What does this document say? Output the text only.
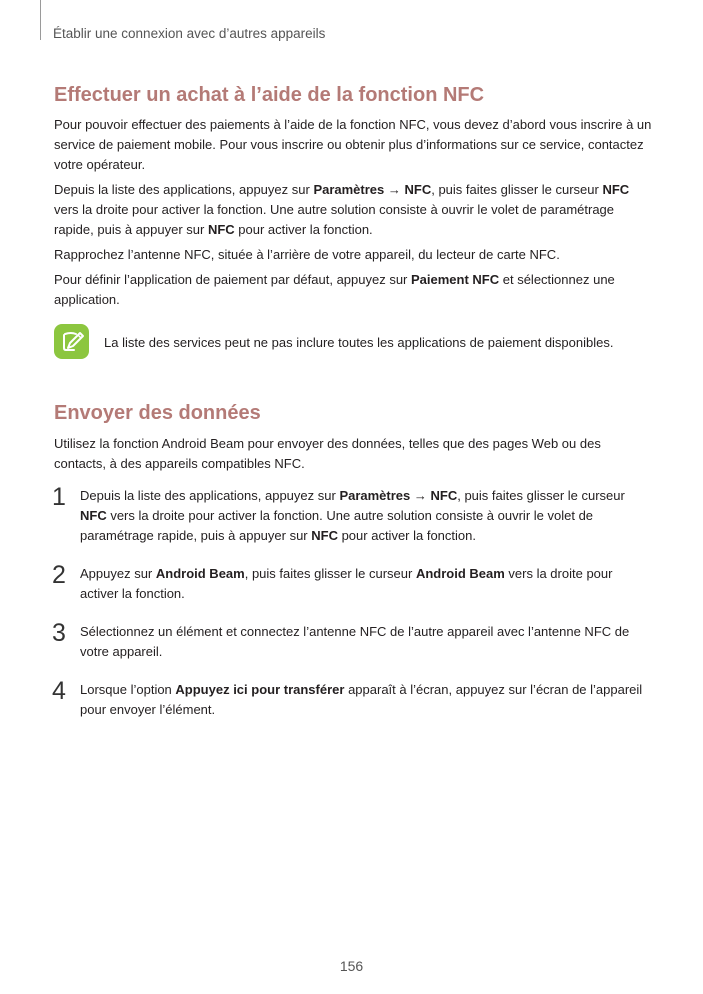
Établir une connexion avec d’autres appareils
Effectuer un achat à l’aide de la fonction NFC

Pour pouvoir effectuer des paiements à l’aide de la fonction NFC, vous devez d’abord vous inscrire à un service de paiement mobile. Pour vous inscrire ou obtenir plus d’informations sur ce service, contactez votre opérateur.

Depuis la liste des applications, appuyez sur Paramètres → NFC, puis faites glisser le curseur NFC vers la droite pour activer la fonction. Une autre solution consiste à ouvrir le volet de paramétrage rapide, puis à appuyer sur NFC pour activer la fonction.

Rapprochez l’antenne NFC, située à l’arrière de votre appareil, du lecteur de carte NFC.

Pour définir l’application de paiement par défaut, appuyez sur Paiement NFC et sélectionnez une application.

La liste des services peut ne pas inclure toutes les applications de paiement disponibles.
Envoyer des données

Utilisez la fonction Android Beam pour envoyer des données, telles que des pages Web ou des contacts, à des appareils compatibles NFC.

1 Depuis la liste des applications, appuyez sur Paramètres → NFC, puis faites glisser le curseur NFC vers la droite pour activer la fonction. Une autre solution consiste à ouvrir le volet de paramétrage rapide, puis à appuyer sur NFC pour activer la fonction.
2 Appuyez sur Android Beam, puis faites glisser le curseur Android Beam vers la droite pour activer la fonction.
3 Sélectionnez un élément et connectez l’antenne NFC de l’autre appareil avec l’antenne NFC de votre appareil.
4 Lorsque l’option Appuyez ici pour transférer apparaît à l’écran, appuyez sur l’écran de l’appareil pour envoyer l’élément.
156
